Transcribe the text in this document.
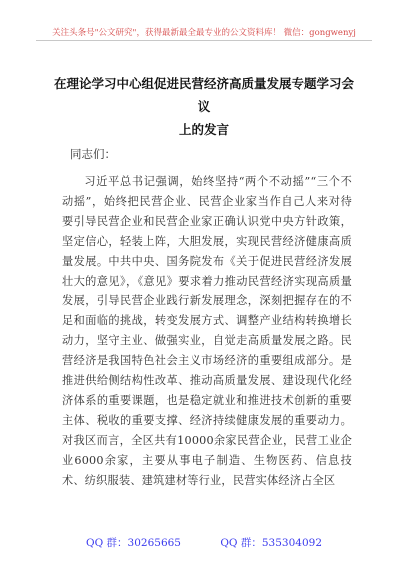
关注头条号"公文研究"，获得最新最全最专业的公文资料库！ 微信：gongwenyj
在理论学习中心组促进民营经济高质量发展专题学习会议
上的发言
同志们：

习近平总书记强调，始终坚持“两个不动摇”“三个不动摇”，始终把民营企业、民营企业家当作自己人来对待要引导民营企业和民营企业家正确认识党中央方针政策，坚定信心，轻装上阵，大胆发展，实现民营经济健康高质量发展。中共中央、国务院发布《关于促进民营经济发展壮大的意见》，《意见》要求着力推动民营经济实现高质量发展，引导民营企业践行新发展理念，深刻把握存在的不足和面临的挑战，转变发展方式、调整产业结构转换增长动力，坚守主业、做强实业，自觉走高质量发展之路。民营经济是我国特色社会主义市场经济的重要组成部分。是推进供给侧结构性改革、推动高质量发展、建设现代化经济体系的重要课题，也是稳定就业和推进技术创新的重要主体、税收的重要支撑、经济持续健康发展的重要动力。对我区而言，全区共有10000余家民营企业，民营工业企业6000余家，主要从事电子制造、生物医药、信息技术、纺织服装、建筑建材等行业，民营实体经济占全区

QQ 群：30265665	QQ 群：535304092
